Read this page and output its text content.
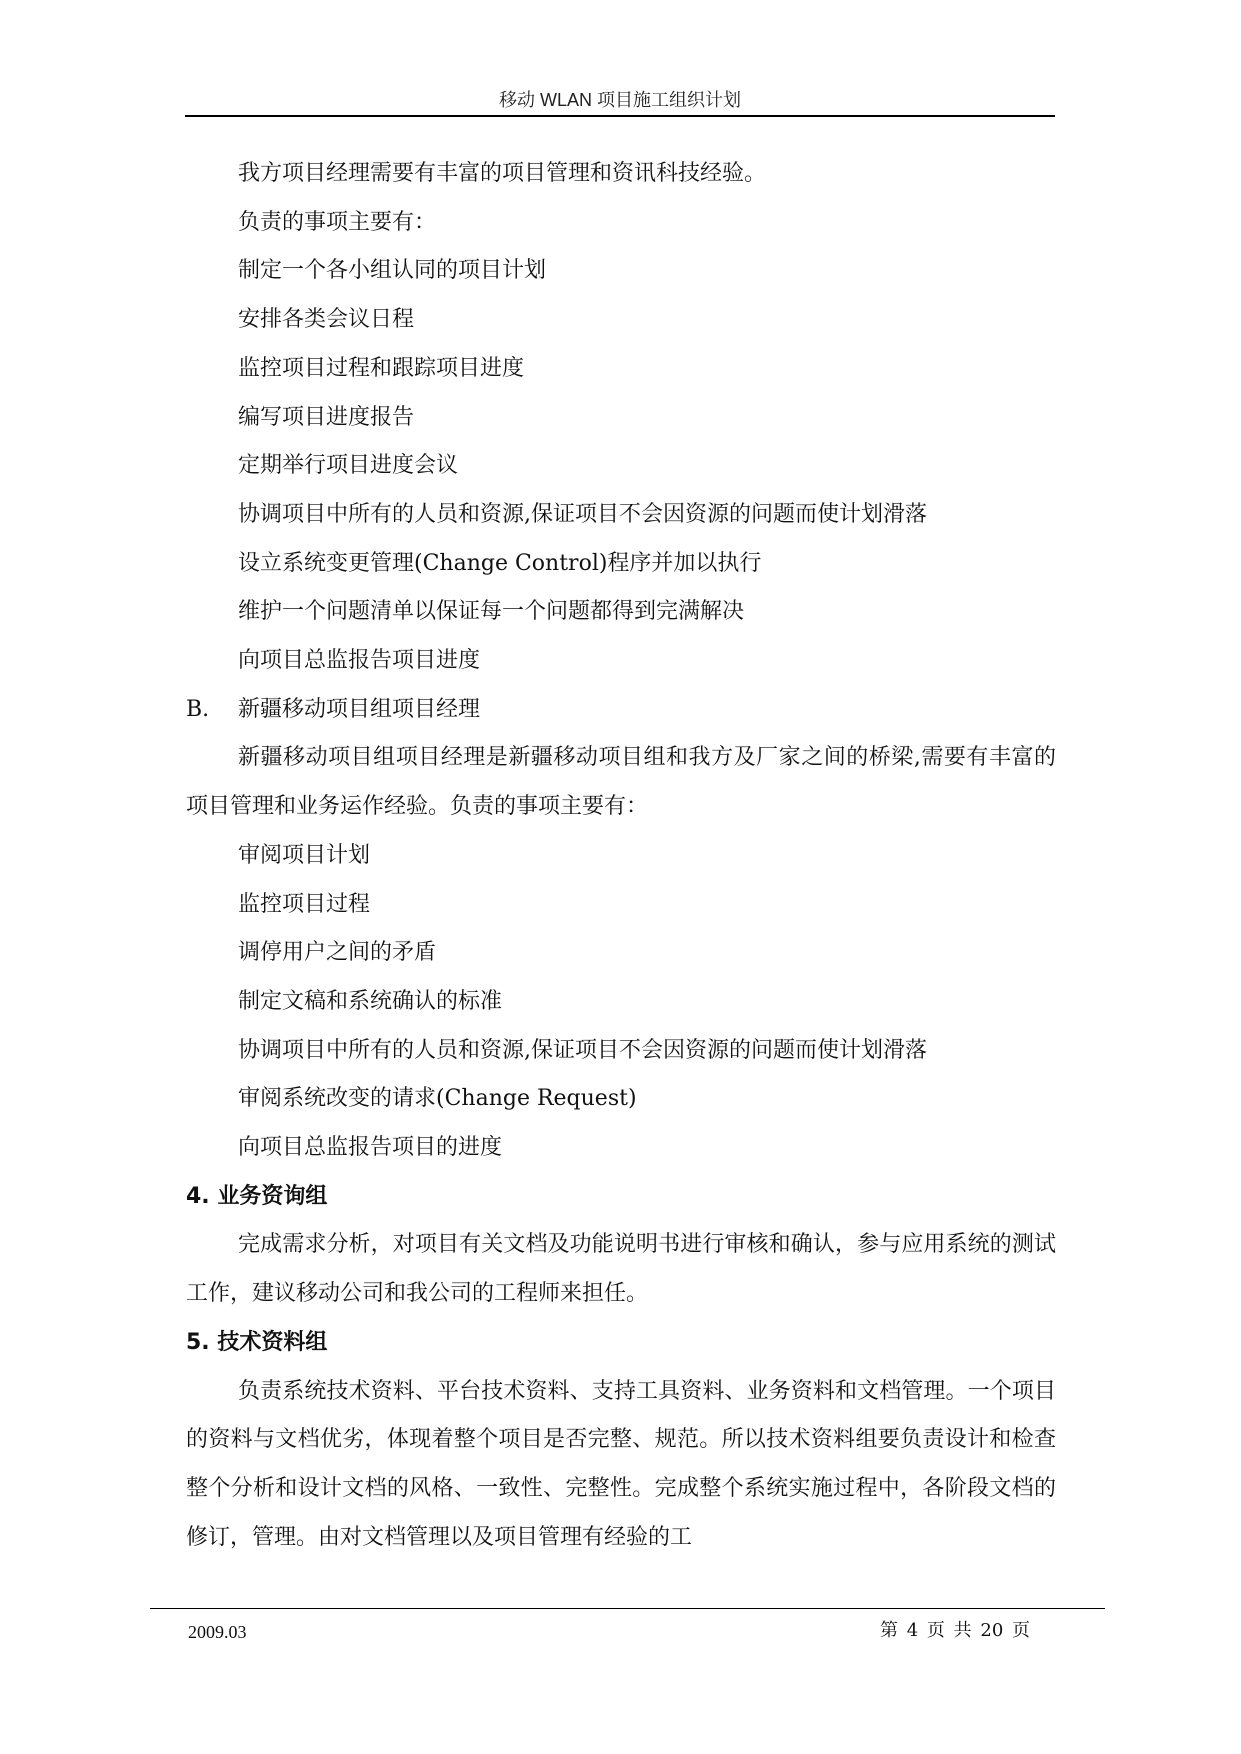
移动 WLAN 项目施工组织计划

我方项目经理需要有丰富的项目管理和资讯科技经验。

负责的事项主要有：

制定一个各小组认同的项目计划

安排各类会议日程

监控项目过程和跟踪项目进度

编写项目进度报告

定期举行项目进度会议

协调项目中所有的人员和资源,保证项目不会因资源的问题而使计划滑落

设立系统变更管理(Change Control)程序并加以执行

维护一个问题清单以保证每一个问题都得到完满解决

向项目总监报告项目进度

B. 新疆移动项目组项目经理

新疆移动项目组项目经理是新疆移动项目组和我方及厂家之间的桥梁,需要有丰富的项目管理和业务运作经验。负责的事项主要有：

审阅项目计划

监控项目过程

调停用户之间的矛盾

制定文稿和系统确认的标准

协调项目中所有的人员和资源,保证项目不会因资源的问题而使计划滑落

审阅系统改变的请求(Change Request)

向项目总监报告项目的进度

4. 业务资询组

完成需求分析，对项目有关文档及功能说明书进行审核和确认，参与应用系统的测试工作，建议移动公司和我公司的工程师来担任。

5. 技术资料组

负责系统技术资料、平台技术资料、支持工具资料、业务资料和文档管理。一个项目的资料与文档优劣，体现着整个项目是否完整、规范。所以技术资料组要负责设计和检查整个分析和设计文档的风格、一致性、完整性。完成整个系统实施过程中，各阶段文档的修订，管理。由对文档管理以及项目管理有经验的工

2009.03	第 4 页 共 20 页
